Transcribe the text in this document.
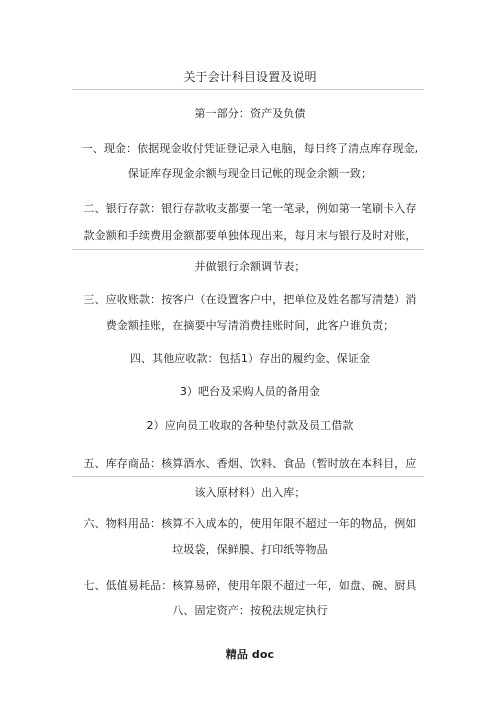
关于会计科目设置及说明
第一部分：资产及负债
一、现金：依据现金收付凭证登记录入电脑，每日终了清点库存现金,
保证库存现金余额与现金日记帐的现金余额一致；
二、银行存款：银行存款收支都要一笔一笔录，例如第一笔刷卡入存
款金额和手续费用金额都要单独体现出来，每月末与银行及时对账，
并做银行余额调节表；
三、应收账款：按客户（在设置客户中，把单位及姓名都写清楚）消
费金额挂账，在摘要中写清消费挂账时间，此客户谁负责；
四、其他应收款：包括1）存出的履约金、保证金
3）吧台及采购人员的备用金
2）应向员工收取的各种垫付款及员工借款
五、库存商品：核算酒水、香烟、饮料、食品（暂时放在本科目，应
该入原材料）出入库；
六、物料用品：核算不入成本的，使用年限不超过一年的物品，例如
垃圾袋，保鲜膜、打印纸等物品
七、低值易耗品：核算易碎，使用年限不超过一年，如盘、碗、厨具
八、固定资产：按税法规定执行
精品 doc
